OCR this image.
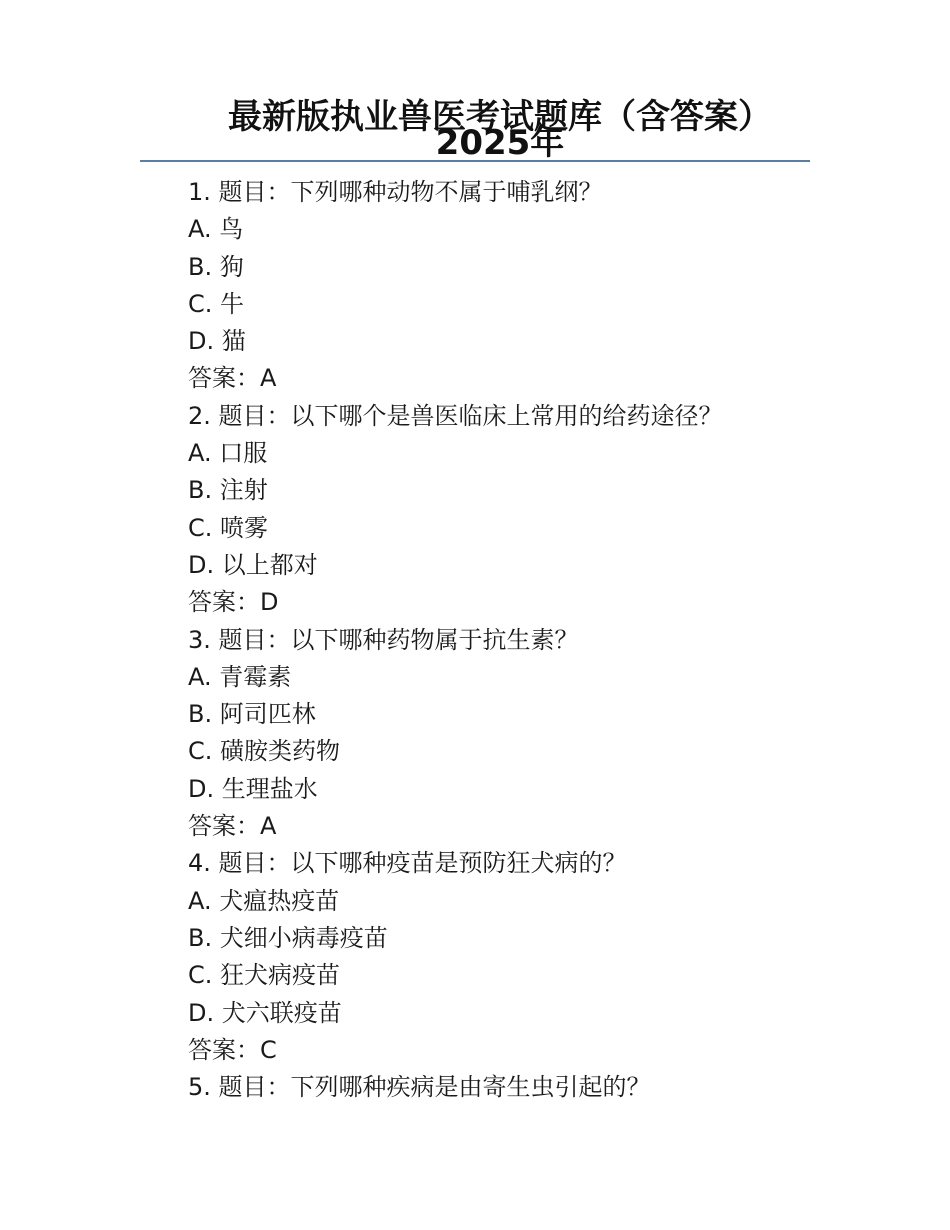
最新版执业兽医考试题库（含答案）2025年
1. 题目：下列哪种动物不属于哺乳纲？
A. 鸟
B. 狗
C. 牛
D. 猫
答案：A
2. 题目：以下哪个是兽医临床上常用的给药途径？
A. 口服
B. 注射
C. 喷雾
D. 以上都对
答案：D
3. 题目：以下哪种药物属于抗生素？
A. 青霉素
B. 阿司匹林
C. 磺胺类药物
D. 生理盐水
答案：A
4. 题目：以下哪种疫苗是预防狂犬病的？
A. 犬瘟热疫苗
B. 犬细小病毒疫苗
C. 狂犬病疫苗
D. 犬六联疫苗
答案：C
5. 题目：下列哪种疾病是由寄生虫引起的？
